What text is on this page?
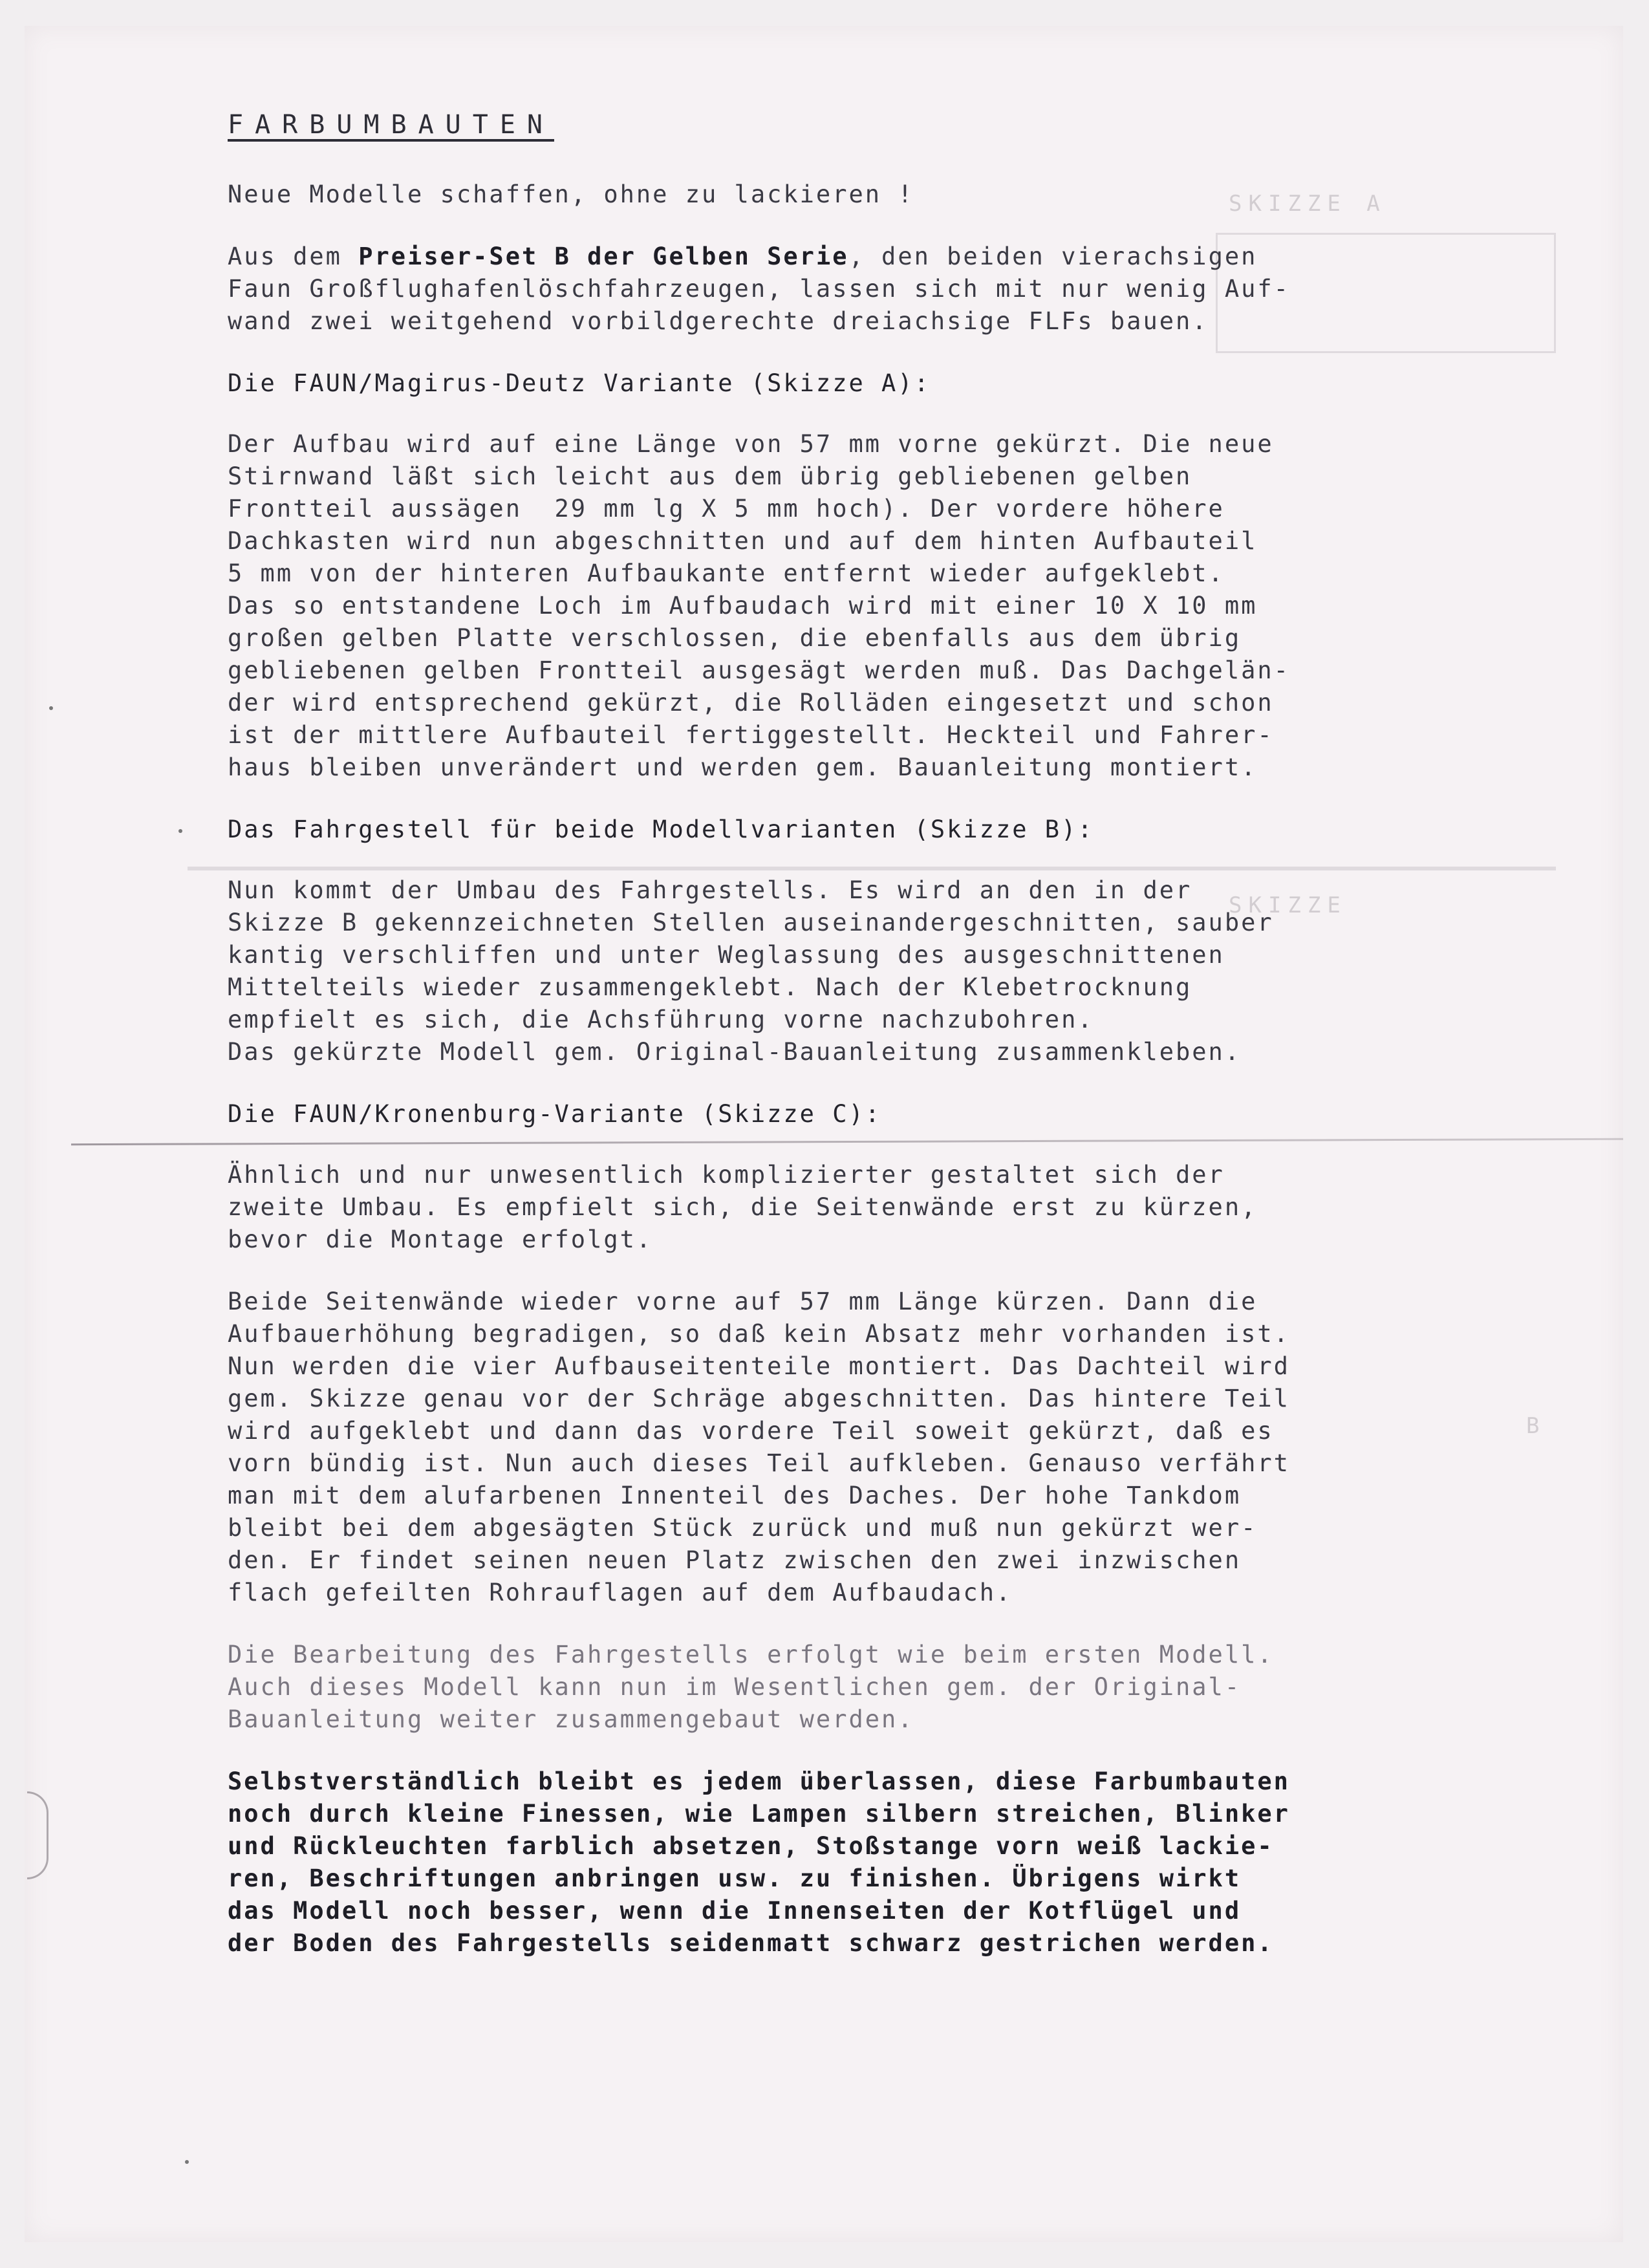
SKIZZE A
SKIZZE
B
FARBUMBAUTEN
Neue Modelle schaffen, ohne zu lackieren !
Aus dem Preiser-Set B der Gelben Serie, den beiden vierachsigen
Faun Großflughafenlöschfahrzeugen, lassen sich mit nur wenig Auf-
wand zwei weitgehend vorbildgerechte dreiachsige FLFs bauen.
Die FAUN/Magirus-Deutz Variante (Skizze A):
Der Aufbau wird auf eine Länge von 57 mm vorne gekürzt. Die neue
Stirnwand läßt sich leicht aus dem übrig gebliebenen gelben
Frontteil aussägen  29 mm lg X 5 mm hoch). Der vordere höhere
Dachkasten wird nun abgeschnitten und auf dem hinten Aufbauteil
5 mm von der hinteren Aufbaukante entfernt wieder aufgeklebt.
Das so entstandene Loch im Aufbaudach wird mit einer 10 X 10 mm
großen gelben Platte verschlossen, die ebenfalls aus dem übrig
gebliebenen gelben Frontteil ausgesägt werden muß. Das Dachgelän-
der wird entsprechend gekürzt, die Rolläden eingesetzt und schon
ist der mittlere Aufbauteil fertiggestellt. Heckteil und Fahrer-
haus bleiben unverändert und werden gem. Bauanleitung montiert.
Das Fahrgestell für beide Modellvarianten (Skizze B):
Nun kommt der Umbau des Fahrgestells. Es wird an den in der
Skizze B gekennzeichneten Stellen auseinandergeschnitten, sauber
kantig verschliffen und unter Weglassung des ausgeschnittenen
Mittelteils wieder zusammengeklebt. Nach der Klebetrocknung
empfielt es sich, die Achsführung vorne nachzubohren.
Das gekürzte Modell gem. Original-Bauanleitung zusammenkleben.
Die FAUN/Kronenburg-Variante (Skizze C):
Ähnlich und nur unwesentlich komplizierter gestaltet sich der
zweite Umbau. Es empfielt sich, die Seitenwände erst zu kürzen,
bevor die Montage erfolgt.
Beide Seitenwände wieder vorne auf 57 mm Länge kürzen. Dann die
Aufbauerhöhung begradigen, so daß kein Absatz mehr vorhanden ist.
Nun werden die vier Aufbauseitenteile montiert. Das Dachteil wird
gem. Skizze genau vor der Schräge abgeschnitten. Das hintere Teil
wird aufgeklebt und dann das vordere Teil soweit gekürzt, daß es
vorn bündig ist. Nun auch dieses Teil aufkleben. Genauso verfährt
man mit dem alufarbenen Innenteil des Daches. Der hohe Tankdom
bleibt bei dem abgesägten Stück zurück und muß nun gekürzt wer-
den. Er findet seinen neuen Platz zwischen den zwei inzwischen
flach gefeilten Rohrauflagen auf dem Aufbaudach.
Die Bearbeitung des Fahrgestells erfolgt wie beim ersten Modell.
Auch dieses Modell kann nun im Wesentlichen gem. der Original-
Bauanleitung weiter zusammengebaut werden.
Selbstverständlich bleibt es jedem überlassen, diese Farbumbauten
noch durch kleine Finessen, wie Lampen silbern streichen, Blinker
und Rückleuchten farblich absetzen, Stoßstange vorn weiß lackie-
ren, Beschriftungen anbringen usw. zu finishen. Übrigens wirkt
das Modell noch besser, wenn die Innenseiten der Kotflügel und
der Boden des Fahrgestells seidenmatt schwarz gestrichen werden.
